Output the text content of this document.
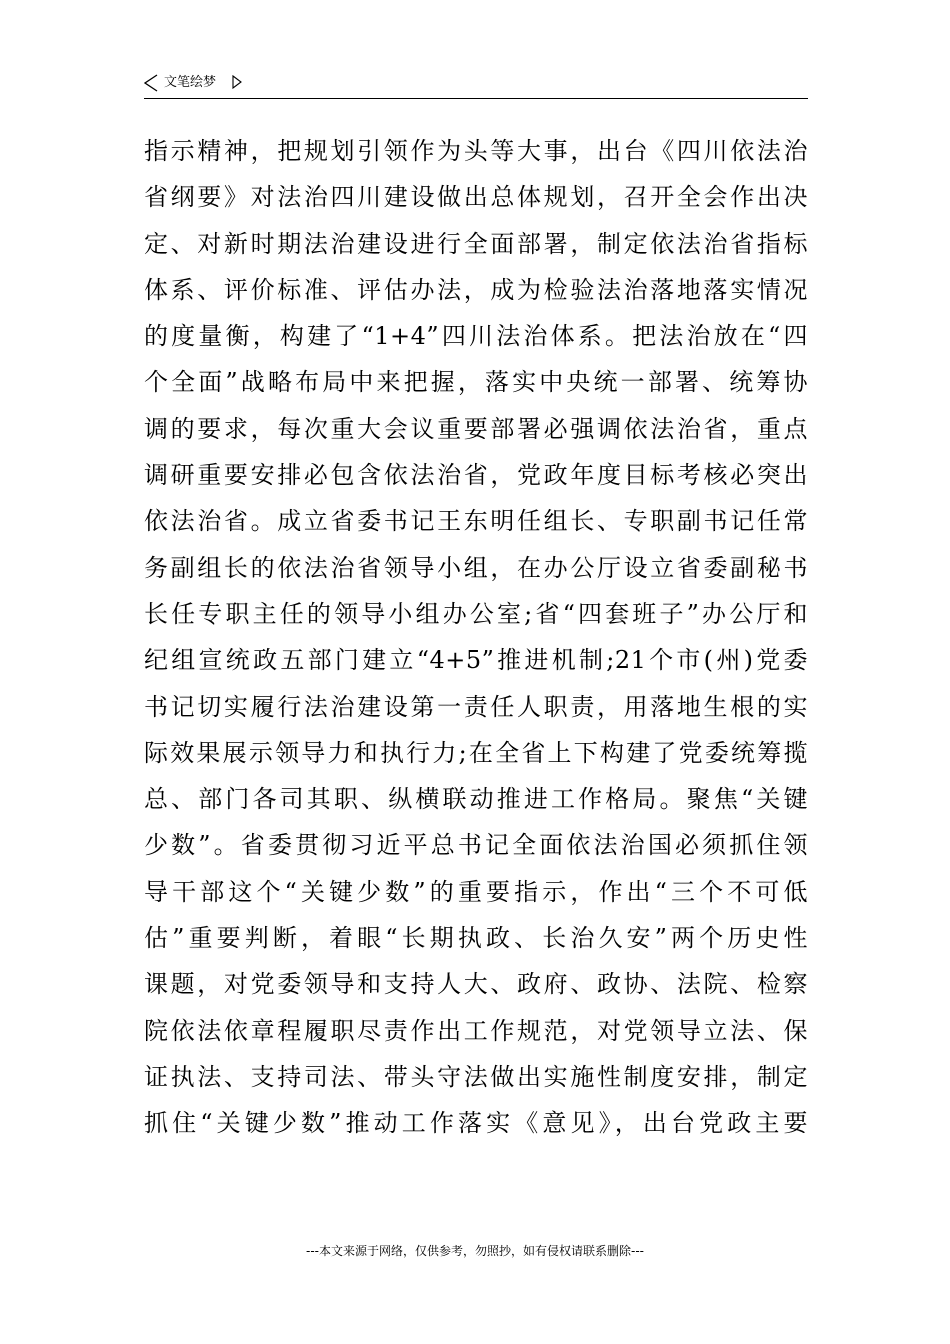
文笔绘梦
指示精神，把规划引领作为头等大事，出台《四川依法治
省纲要》对法治四川建设做出总体规划，召开全会作出决
定、对新时期法治建设进行全面部署，制定依法治省指标
体系、评价标准、评估办法，成为检验法治落地落实情况
的度量衡，构建了“1+4”四川法治体系。把法治放在“四
个全面”战略布局中来把握，落实中央统一部署、统筹协
调的要求，每次重大会议重要部署必强调依法治省，重点
调研重要安排必包含依法治省，党政年度目标考核必突出
依法治省。成立省委书记王东明任组长、专职副书记任常
务副组长的依法治省领导小组，在办公厅设立省委副秘书
长任专职主任的领导小组办公室;省“四套班子”办公厅和
纪组宣统政五部门建立“4+5”推进机制;21个市(州)党委
书记切实履行法治建设第一责任人职责，用落地生根的实
际效果展示领导力和执行力;在全省上下构建了党委统筹揽
总、部门各司其职、纵横联动推进工作格局。聚焦“关键
少数”。省委贯彻习近平总书记全面依法治国必须抓住领
导干部这个“关键少数”的重要指示，作出“三个不可低
估”重要判断，着眼“长期执政、长治久安”两个历史性
课题，对党委领导和支持人大、政府、政协、法院、检察
院依法依章程履职尽责作出工作规范，对党领导立法、保
证执法、支持司法、带头守法做出实施性制度安排，制定
抓住“关键少数”推动工作落实《意见》，出台党政主要
---本文来源于网络，仅供参考，勿照抄，如有侵权请联系删除---
